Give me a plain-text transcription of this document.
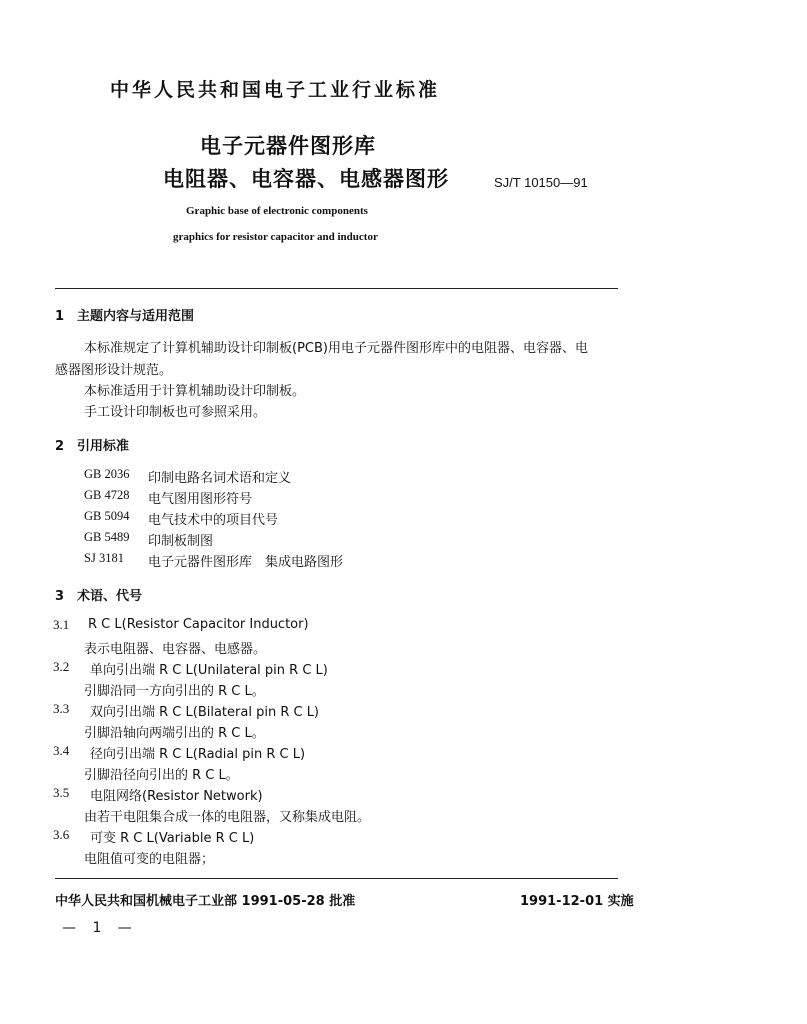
中华人民共和国电子工业行业标准
电子元器件图形库
电阻器、电容器、电感器图形	SJ/T 10150—91
Graphic base of electronic components
graphics for resistor capacitor and inductor
1 主题内容与适用范围
本标准规定了计算机辅助设计印制板(PCB)用电子元器件图形库中的电阻器、电容器、电
感器图形设计规范。
本标准适用于计算机辅助设计印制板。
手工设计印制板也可参照采用。
2 引用标准
GB 2036 印制电路名词术语和定义
GB 4728 电气图用图形符号
GB 5094 电气技术中的项目代号
GB 5489 印制板制图
SJ 3181 电子元器件图形库　集成电路图形
3 术语、代号
3.1 R C L(Resistor Capacitor Inductor)
表示电阻器、电容器、电感器。
3.2 单向引出端 R C L(Unilateral pin R C L)
引脚沿同一方向引出的 R C L。
3.3 双向引出端 R C L(Bilateral pin R C L)
引脚沿轴向两端引出的 R C L。
3.4 径向引出端 R C L(Radial pin R C L)
引脚沿径向引出的 R C L。
3.5 电阻网络(Resistor Network)
由若干电阻集合成一体的电阻器，又称集成电阻。
3.6 可变 R C L(Variable R C L)
电阻值可变的电阻器；
中华人民共和国机械电子工业部 1991-05-28 批准	1991-12-01 实施
— 1 —
